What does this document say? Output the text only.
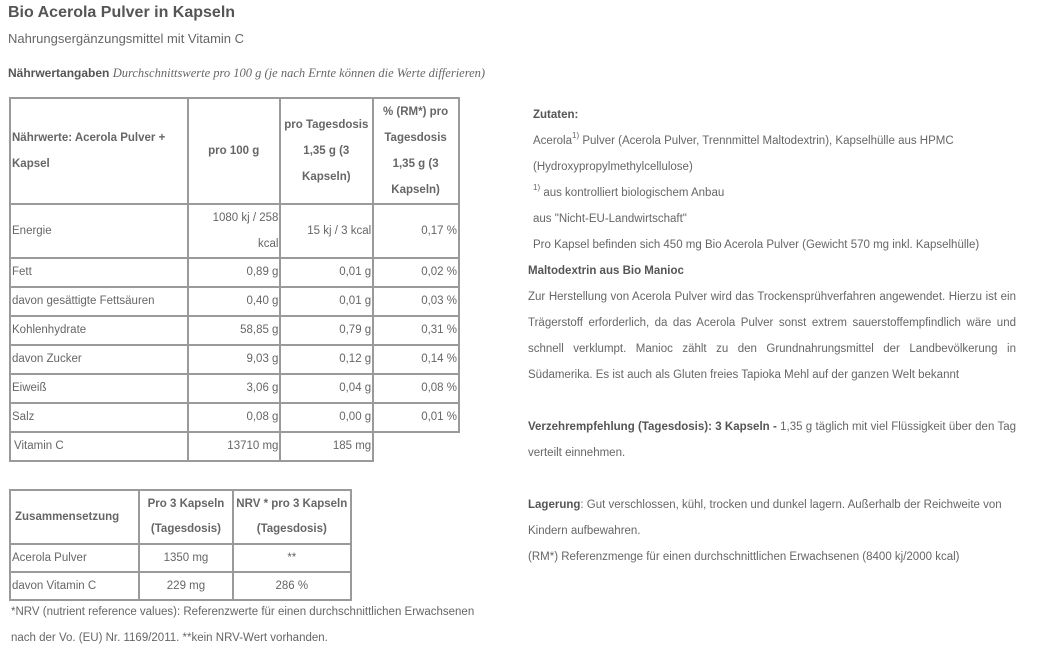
Bio Acerola Pulver in Kapseln
Nahrungsergänzungsmittel mit Vitamin C
Nährwertangaben Durchschnittswerte pro 100 g (je nach Ernte können die Werte differieren)
Nährwerte: Acerola Pulver + Kapsel	pro 100 g	pro Tagesdosis 1,35 g (3 Kapseln)	% (RM*) pro Tagesdosis 1,35 g (3 Kapseln)
Energie	1080 kj / 258 kcal	15 kj / 3 kcal	0,17 %
Fett	0,89 g	0,01 g	0,02 %
davon gesättigte Fettsäuren	0,40 g	0,01 g	0,03 %
Kohlenhydrate	58,85 g	0,79 g	0,31 %
davon Zucker	9,03 g	0,12 g	0,14 %
Eiweiß	3,06 g	0,04 g	0,08 %
Salz	0,08 g	0,00 g	0,01 %
Vitamin C	13710 mg	185 mg	
Zusammensetzung	Pro 3 Kapseln (Tagesdosis)	NRV * pro 3 Kapseln (Tagesdosis)
Acerola Pulver	1350 mg	**
davon Vitamin C	229 mg	286 %
*NRV (nutrient reference values): Referenzwerte für einen durchschnittlichen Erwachsenen nach der Vo. (EU) Nr. 1169/2011. **kein NRV-Wert vorhanden.

Zutaten:

Acerola$^{1)}$ Pulver (Acerola Pulver, Trennmittel Maltodextrin), Kapselhülle aus HPMC

(Hydroxypropylmethylcellulose)

$^{1)}$ aus kontrolliert biologischem Anbau

aus "Nicht-EU-Landwirtschaft"

Pro Kapsel befinden sich 450 mg Bio Acerola Pulver (Gewicht 570 mg inkl. Kapselhülle)

Maltodextrin aus Bio Manioc

Zur Herstellung von Acerola Pulver wird das Trockensprühverfahren angewendet. Hierzu ist ein Trägerstoff erforderlich, da das Acerola Pulver sonst extrem sauerstoffempfindlich wäre und schnell verklumpt. Manioc zählt zu den Grundnahrungsmittel der Landbevölkerung in Südamerika. Es ist auch als Gluten freies Tapioka Mehl auf der ganzen Welt bekannt

Verzehrempfehlung (Tagesdosis): 3 Kapseln - 1,35 g täglich mit viel Flüssigkeit über den Tag verteilt einnehmen.

Lagerung: Gut verschlossen, kühl, trocken und dunkel lagern. Außerhalb der Reichweite von Kindern aufbewahren.

(RM*) Referenzmenge für einen durchschnittlichen Erwachsenen (8400 kj/2000 kcal)
